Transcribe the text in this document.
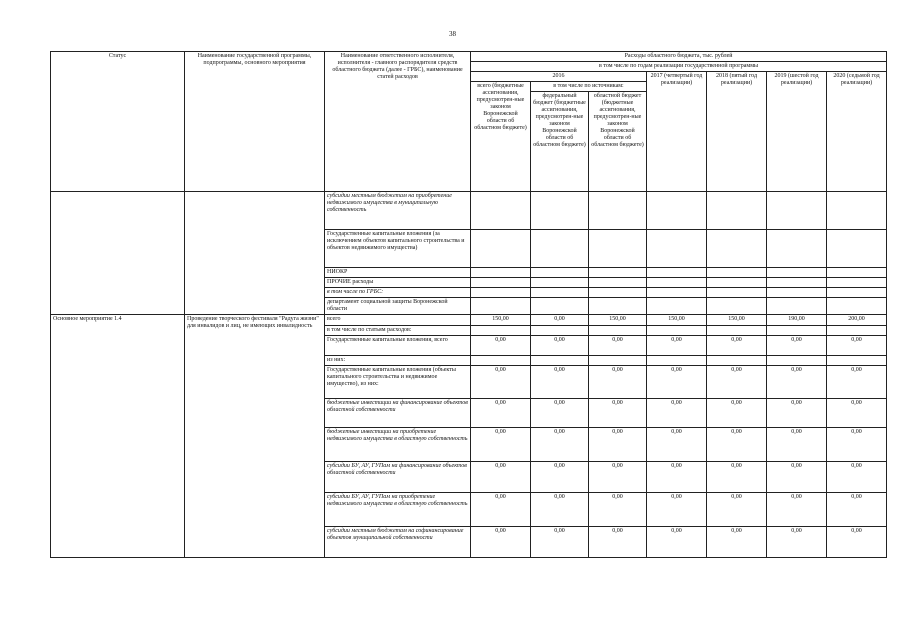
38
Статус	Наименование государственной программы, подпрограммы, основного мероприятия	Наименование ответственного исполнителя, исполнителя - главного распорядителя средств областного бюджета (далее - ГРБС), наименование статей расходов	Расходы областного бюджета, тыс. рублей						
			в том числе по годам реализации государственной программы						
			2016			2017 (четвертый год реализации)	2018 (пятый год реализации)	2019 (шестой год реализации)	2020 (седьмой год реализации)
			всего (бюджетные ассигнования, предусмотрен-ные законом Воронежской области об областном бюджете)	в том числе по источникам:					
				федеральный бюджет (бюджетные ассигнования, предусмотрен-ные законом Воронежской области об областном бюджете)	областной бюджет (бюджетные ассигнования, предусмотрен-ные законом Воронежской области об областном бюджете)				
		субсидии местным бюджетам на приобретение недвижимого имущества в муниципальную собственность							
		Государственные капитальные вложения (за исключением объектов капитального строительства и объектов недвижимого имущества)							
		НИОКР							
		ПРОЧИЕ расходы							
		в том числе по ГРБС:							
		департамент социальной защиты Воронежской области							
Основное мероприятие 1.4	Проведение творческого фестиваля "Радуга жизни" для инвалидов и лиц, не имеющих инвалидность	всего	150,00	0,00	150,00	150,00	150,00	190,00	200,00
		в том числе по статьям расходов:							
		Государственные капитальные вложения, всего	0,00	0,00	0,00	0,00	0,00	0,00	0,00
		из них:							
		Государственные капитальные вложения (объекты капитального строительства и недвижимое имущество), из них:	0,00	0,00	0,00	0,00	0,00	0,00	0,00
		бюджетные инвестиции на финансирование объектов областной собственности	0,00	0,00	0,00	0,00	0,00	0,00	0,00
		бюджетные инвестиции на приобретение недвижимого имущества в областную собственность	0,00	0,00	0,00	0,00	0,00	0,00	0,00
		субсидии БУ, АУ, ГУПам на финансирование объектов областной собственности	0,00	0,00	0,00	0,00	0,00	0,00	0,00
		субсидии БУ, АУ, ГУПам на приобретение недвижимого имущества в областную собственность	0,00	0,00	0,00	0,00	0,00	0,00	0,00
		субсидии местным бюджетам на софинансирование объектов муниципальной собственности	0,00	0,00	0,00	0,00	0,00	0,00	0,00
